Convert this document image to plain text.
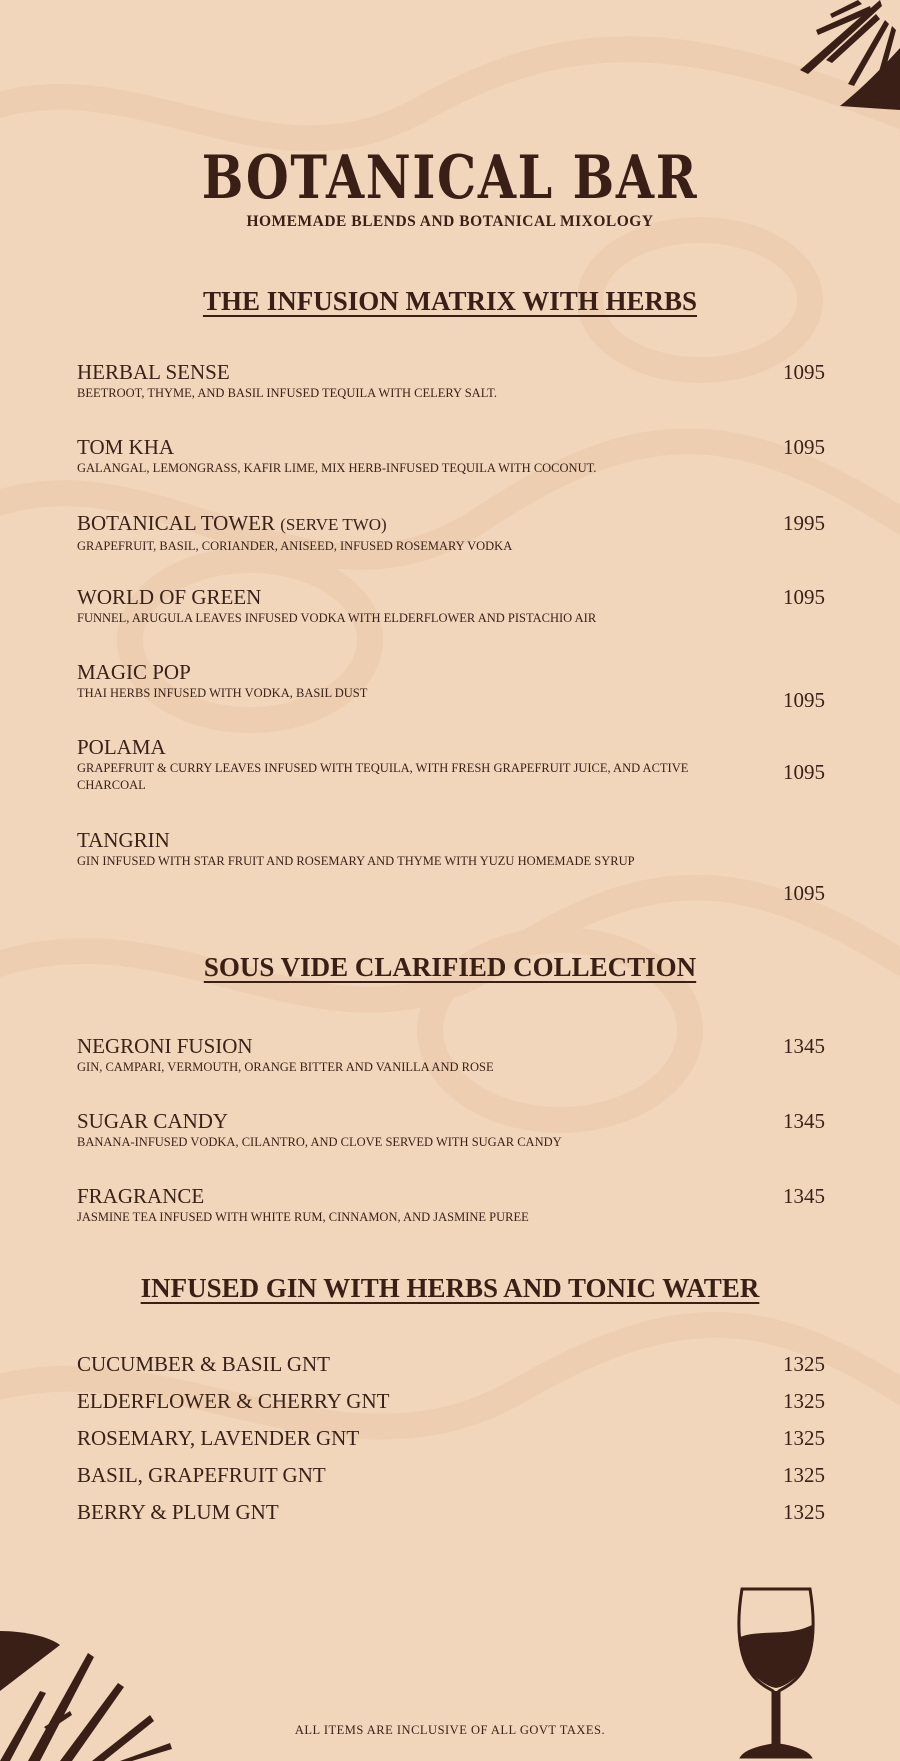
BOTANICAL BAR
HOMEMADE BLENDS AND BOTANICAL MIXOLOGY
THE INFUSION MATRIX WITH HERBS
HERBAL SENSE
BEETROOT, THYME, AND BASIL INFUSED TEQUILA WITH CELERY SALT.
1095
TOM KHA
GALANGAL, LEMONGRASS, KAFIR LIME, MIX HERB-INFUSED TEQUILA WITH COCONUT.
1095
BOTANICAL TOWER (SERVE TWO)
GRAPEFRUIT, BASIL, CORIANDER, ANISEED, INFUSED ROSEMARY VODKA
1995
WORLD OF GREEN
FUNNEL, ARUGULA LEAVES INFUSED VODKA WITH ELDERFLOWER AND PISTACHIO AIR
1095
MAGIC POP
THAI HERBS INFUSED WITH VODKA, BASIL DUST	1095
POLAMA
GRAPEFRUIT & CURRY LEAVES INFUSED WITH TEQUILA, WITH FRESH GRAPEFRUIT JUICE, AND ACTIVE CHARCOAL
1095
TANGRIN
GIN INFUSED WITH STAR FRUIT AND ROSEMARY AND THYME WITH YUZU HOMEMADE SYRUP
1095
SOUS VIDE CLARIFIED COLLECTION
NEGRONI FUSION
GIN, CAMPARI, VERMOUTH, ORANGE BITTER AND VANILLA AND ROSE
1345
SUGAR CANDY
BANANA-INFUSED VODKA, CILANTRO, AND CLOVE SERVED WITH SUGAR CANDY
1345
FRAGRANCE
JASMINE TEA INFUSED WITH WHITE RUM, CINNAMON, AND JASMINE PUREE
1345
INFUSED GIN WITH HERBS AND TONIC WATER
CUCUMBER & BASIL GNT	1325
ELDERFLOWER & CHERRY GNT	1325
ROSEMARY, LAVENDER GNT	1325
BASIL, GRAPEFRUIT GNT	1325
BERRY & PLUM GNT	1325
ALL ITEMS ARE INCLUSIVE OF ALL GOVT TAXES.
